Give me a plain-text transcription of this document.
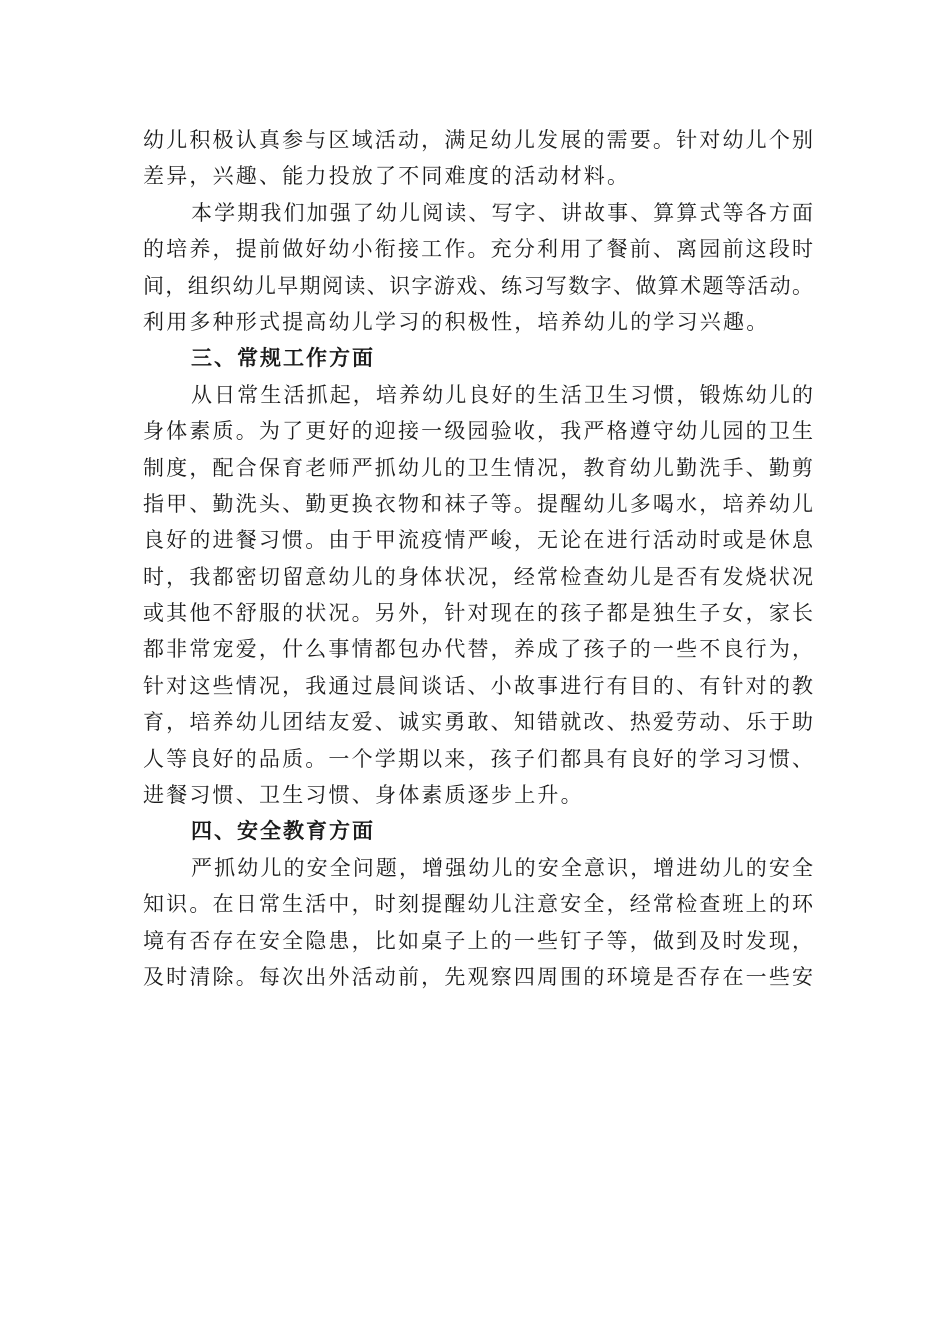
幼儿积极认真参与区域活动，满足幼儿发展的需要。针对幼儿个别
差异，兴趣、能力投放了不同难度的活动材料。
本学期我们加强了幼儿阅读、写字、讲故事、算算式等各方面
的培养，提前做好幼小衔接工作。充分利用了餐前、离园前这段时
间，组织幼儿早期阅读、识字游戏、练习写数字、做算术题等活动。
利用多种形式提高幼儿学习的积极性，培养幼儿的学习兴趣。
三、常规工作方面
从日常生活抓起，培养幼儿良好的生活卫生习惯，锻炼幼儿的
身体素质。为了更好的迎接一级园验收，我严格遵守幼儿园的卫生
制度，配合保育老师严抓幼儿的卫生情况，教育幼儿勤洗手、勤剪
指甲、勤洗头、勤更换衣物和袜子等。提醒幼儿多喝水，培养幼儿
良好的进餐习惯。由于甲流疫情严峻，无论在进行活动时或是休息
时，我都密切留意幼儿的身体状况，经常检查幼儿是否有发烧状况
或其他不舒服的状况。另外，针对现在的孩子都是独生子女，家长
都非常宠爱，什么事情都包办代替，养成了孩子的一些不良行为，
针对这些情况，我通过晨间谈话、小故事进行有目的、有针对的教
育，培养幼儿团结友爱、诚实勇敢、知错就改、热爱劳动、乐于助
人等良好的品质。一个学期以来，孩子们都具有良好的学习习惯、
进餐习惯、卫生习惯、身体素质逐步上升。
四、安全教育方面
严抓幼儿的安全问题，增强幼儿的安全意识，增进幼儿的安全
知识。在日常生活中，时刻提醒幼儿注意安全，经常检查班上的环
境有否存在安全隐患，比如桌子上的一些钉子等，做到及时发现，
及时清除。每次出外活动前，先观察四周围的环境是否存在一些安
